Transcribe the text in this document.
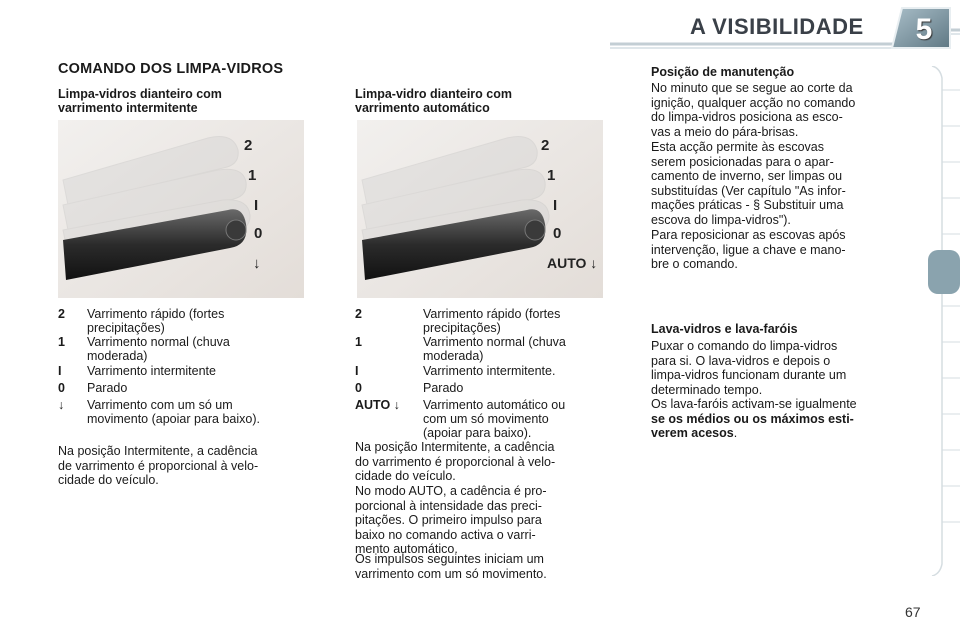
A VISIBILIDADE	5
COMANDO DOS LIMPA-VIDROS
Limpa-vidros dianteiro com
varrimento intermitente
2
1
I
0
↓
2 Varrimento rápido (fortes
precipitações)
1 Varrimento normal (chuva
moderada)
I Varrimento intermitente
0 Parado
↓ Varrimento com um só um
movimento (apoiar para baixo).
Na posição Intermitente, a cadência
de varrimento é proporcional à velo-
cidade do veículo.
Limpa-vidro dianteiro com
varrimento automático
2
1
I
0
AUTO ↓
2	Varrimento rápido (fortes
precipitações)
1	Varrimento normal (chuva
moderada)
I	Varrimento intermitente.
0	Parado
AUTO ↓ Varrimento automático ou
com um só movimento
(apoiar para baixo).
Na posição Intermitente, a cadência
do varrimento é proporcional à velo-
cidade do veículo.
No modo AUTO, a cadência é pro-
porcional à intensidade das preci-
pitações. O primeiro impulso para
baixo no comando activa o varri-
mento automático.
Os impulsos seguintes iniciam um
varrimento com um só movimento.
Posição de manutenção
No minuto que se segue ao corte da
ignição, qualquer acção no comando
do limpa-vidros posiciona as esco-
vas a meio do pára-brisas.
Esta acção permite às escovas
serem posicionadas para o apar-
camento de inverno, ser limpas ou
substituídas (Ver capítulo "As infor-
mações práticas - § Substituir uma
escova do limpa-vidros").
Para reposicionar as escovas após
intervenção, ligue a chave e mano-
bre o comando.
Lava-vidros e lava-faróis
Puxar o comando do limpa-vidros
para si. O lava-vidros e depois o
limpa-vidros funcionam durante um
determinado tempo.
Os lava-faróis activam-se igualmente
se os médios ou os máximos esti-
verem acesos.
67
